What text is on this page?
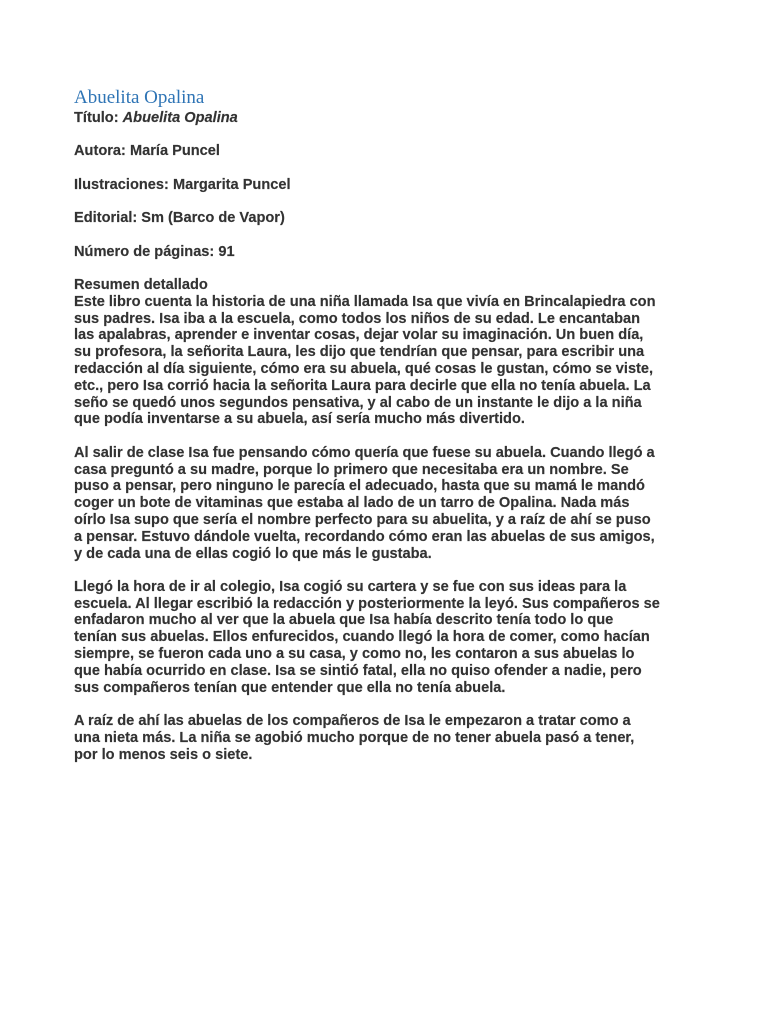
Abuelita Opalina

Título: Abuelita Opalina

Autora: María Puncel

Ilustraciones: Margarita Puncel

Editorial: Sm (Barco de Vapor)

Número de páginas: 91

Resumen detallado

Este libro cuenta la historia de una niña llamada Isa que vivía en Brincalapiedra con
sus padres. Isa iba a la escuela, como todos los niños de su edad. Le encantaban
las apalabras, aprender e inventar cosas, dejar volar su imaginación. Un buen día,
su profesora, la señorita Laura, les dijo que tendrían que pensar, para escribir una
redacción al día siguiente, cómo era su abuela, qué cosas le gustan, cómo se viste,
etc., pero Isa corrió hacia la señorita Laura para decirle que ella no tenía abuela. La
seño se quedó unos segundos pensativa, y al cabo de un instante le dijo a la niña
que podía inventarse a su abuela, así sería mucho más divertido.

Al salir de clase Isa fue pensando cómo quería que fuese su abuela. Cuando llegó a
casa preguntó a su madre, porque lo primero que necesitaba era un nombre. Se
puso a pensar, pero ninguno le parecía el adecuado, hasta que su mamá le mandó
coger un bote de vitaminas que estaba al lado de un tarro de Opalina. Nada más
oírlo Isa supo que sería el nombre perfecto para su abuelita, y a raíz de ahí se puso
a pensar. Estuvo dándole vuelta, recordando cómo eran las abuelas de sus amigos,
y de cada una de ellas cogió lo que más le gustaba.

Llegó la hora de ir al colegio, Isa cogió su cartera y se fue con sus ideas para la
escuela. Al llegar escribió la redacción y posteriormente la leyó. Sus compañeros se
enfadaron mucho al ver que la abuela que Isa había descrito tenía todo lo que
tenían sus abuelas. Ellos enfurecidos, cuando llegó la hora de comer, como hacían
siempre, se fueron cada uno a su casa, y como no, les contaron a sus abuelas lo
que había ocurrido en clase. Isa se sintió fatal, ella no quiso ofender a nadie, pero
sus compañeros tenían que entender que ella no tenía abuela.

A raíz de ahí las abuelas de los compañeros de Isa le empezaron a tratar como a
una nieta más. La niña se agobió mucho porque de no tener abuela pasó a tener,
por lo menos seis o siete.
